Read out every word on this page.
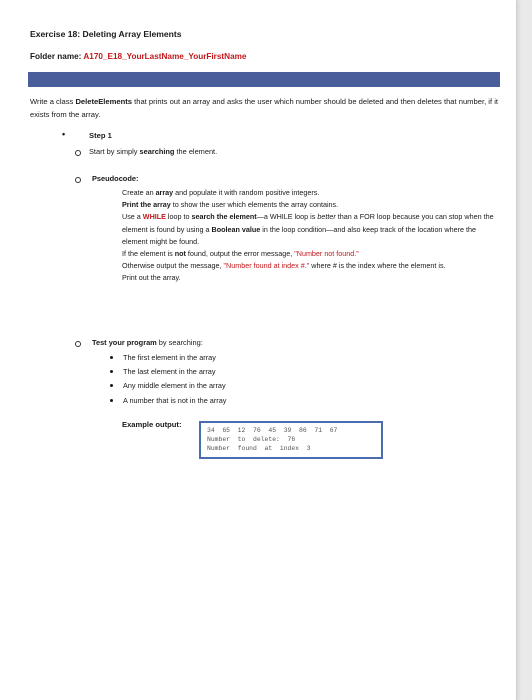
Exercise 18: Deleting Array Elements
Folder name: A170_E18_YourLastName_YourFirstName
Write a class DeleteElements that prints out an array and asks the user which number should be deleted and then deletes that number, if it exists from the array.
•	Step 1
Start by simply searching the element.
Pseudocode:

Create an array and populate it with random positive integers.

Print the array to show the user which elements the array contains.

Use a WHILE loop to search the element—a WHILE loop is better than a FOR loop because you can stop when the element is found by using a Boolean value in the loop condition—and also keep track of the location where the element might be found.

If the element is not found, output the error message, "Number not found."

Otherwise output the message, "Number found at index #." where # is the index where the element is.

Print out the array.

Test your program by searching:
The first element in the array
The last element in the array
Any middle element in the array
A number that is not in the array
Example output:
34  65  12  76  45  39  86  71  67
Number  to  delete:  76
Number  found  at  index  3
